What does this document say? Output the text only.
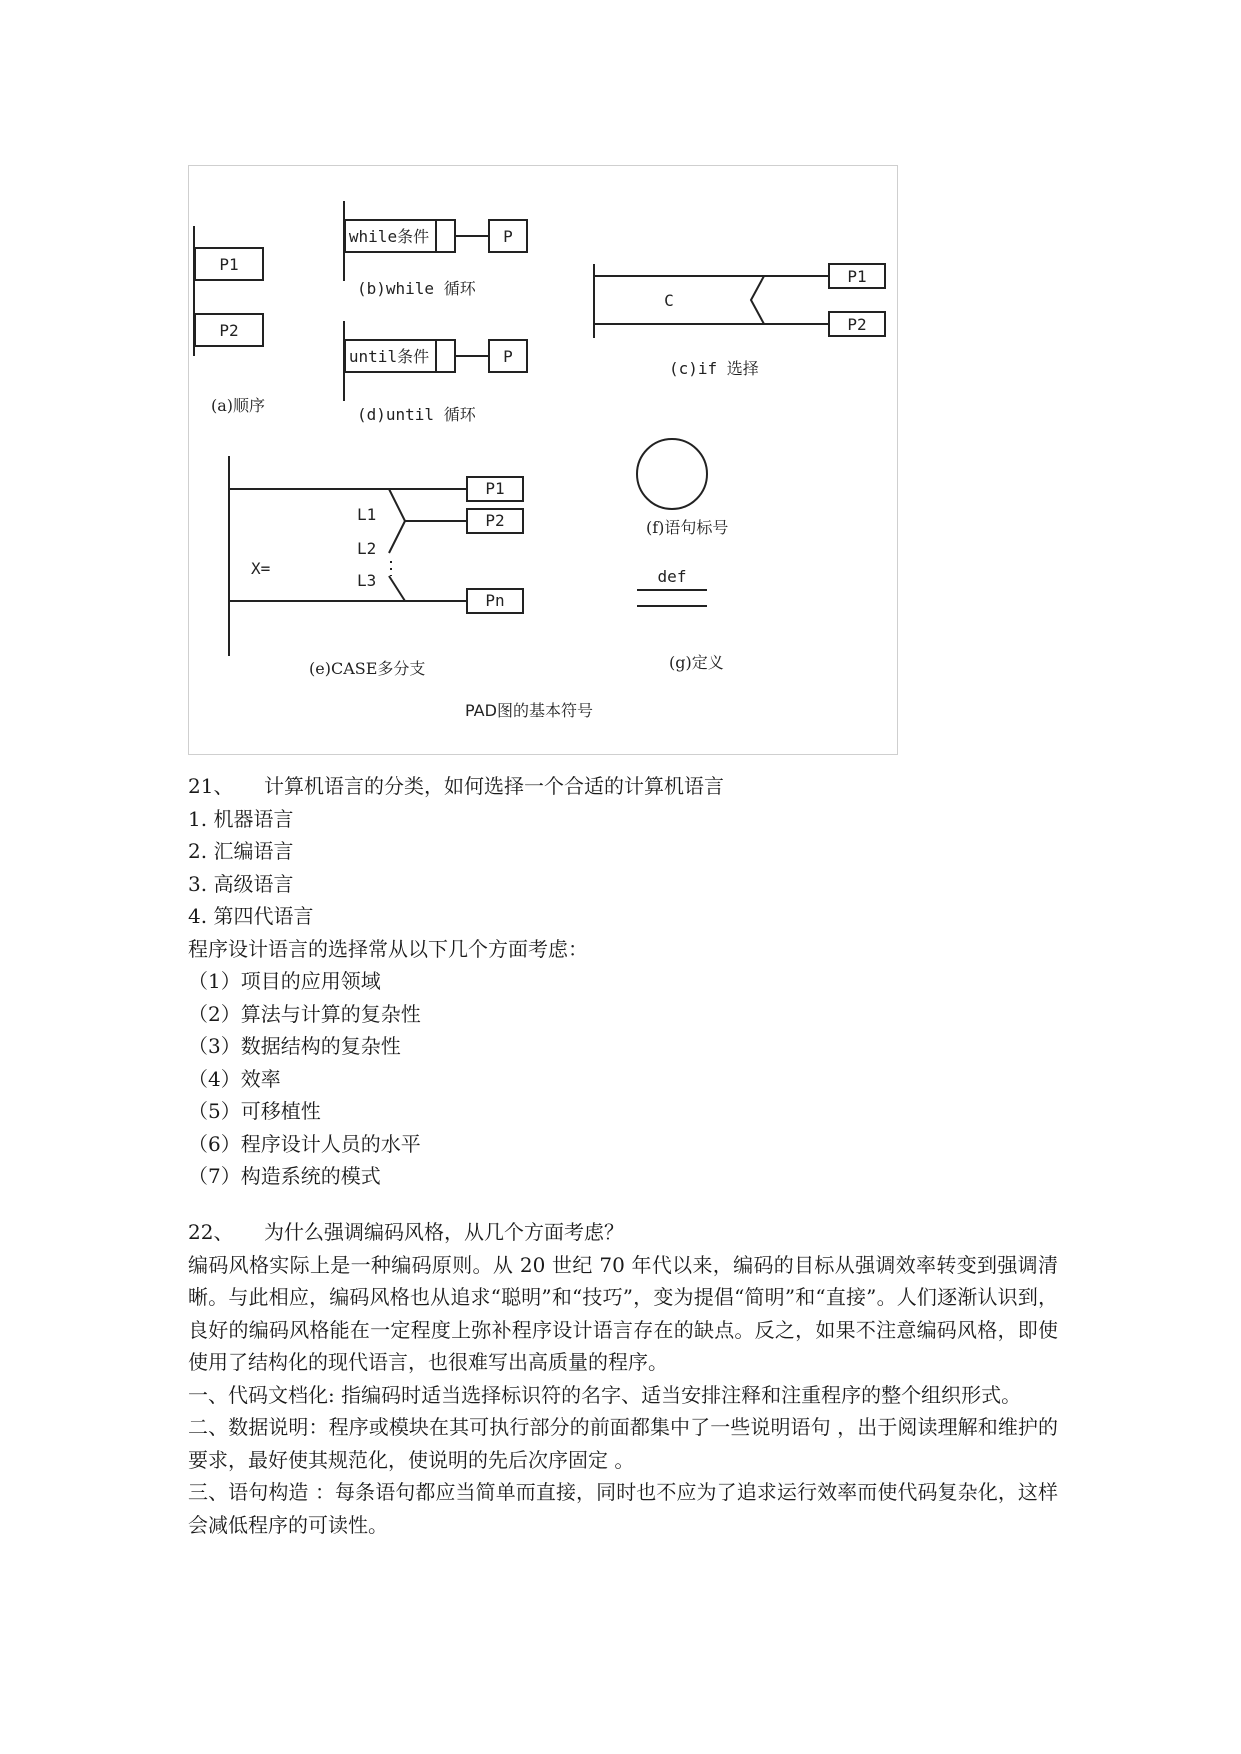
P1
P2
(a)顺序
while条件	P
(b)while 循环
until条件	P
(d)until 循环
C
P1
P2
(c)if 选择
P1
P2
Pn
L1
L2
L3
X=
(e)CASE多分支
(f)语句标号
def
(g)定义
PAD图的基本符号

21、 计算机语言的分类，如何选择一个合适的计算机语言

1. 机器语言

2. 汇编语言

3. 高级语言

4. 第四代语言

程序设计语言的选择常从以下几个方面考虑：

（1）项目的应用领域

（2）算法与计算的复杂性

（3）数据结构的复杂性

（4）效率

（5）可移植性

（6）程序设计人员的水平

（7）构造系统的模式

22、 为什么强调编码风格，从几个方面考虑？

编码风格实际上是一种编码原则。从 20 世纪 70 年代以来，编码的目标从强调效率转变到强调清晰。与此相应，编码风格也从追求“聪明”和“技巧”，变为提倡“简明”和“直接”。人们逐渐认识到，良好的编码风格能在一定程度上弥补程序设计语言存在的缺点。反之，如果不注意编码风格，即使使用了结构化的现代语言，也很难写出高质量的程序。

一、代码文档化: 指编码时适当选择标识符的名字、适当安排注释和注重程序的整个组织形式。

二、数据说明：程序或模块在其可执行部分的前面都集中了一些说明语句 ，出于阅读理解和维护的要求，最好使其规范化，使说明的先后次序固定 。

三、语句构造 ：每条语句都应当简单而直接，同时也不应为了追求运行效率而使代码复杂化，这样会减低程序的可读性。
